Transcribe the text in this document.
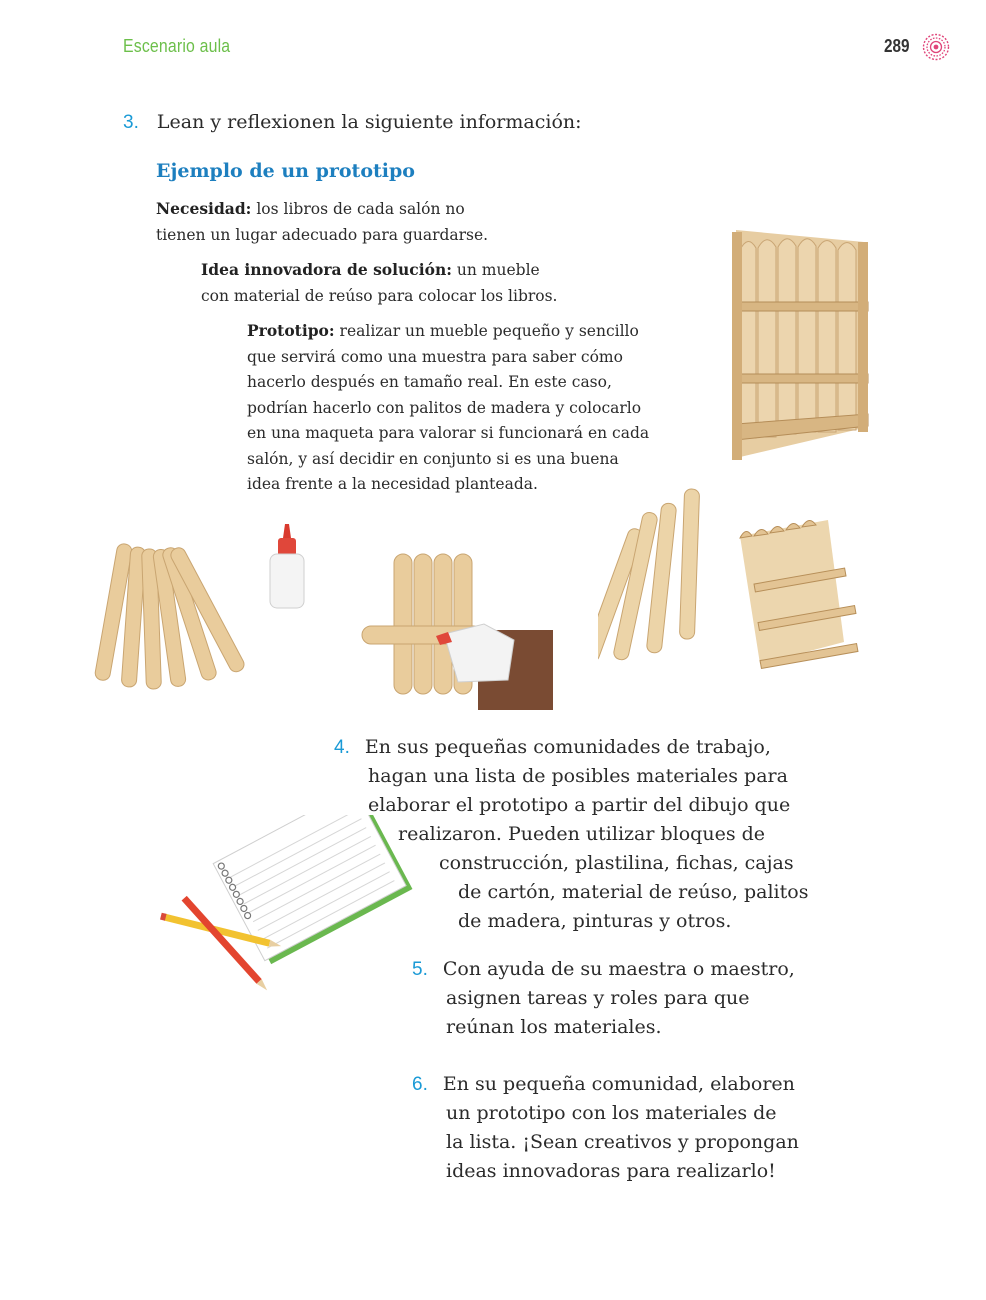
Escenario aula	289
3. Lean y reflexionen la siguiente información:
Ejemplo de un prototipo
Necesidad: los libros de cada salón no
tienen un lugar adecuado para guardarse.
Idea innovadora de solución: un mueble
con material de reúso para colocar los libros.
Prototipo: realizar un mueble pequeño y sencillo
que servirá como una muestra para saber cómo
hacerlo después en tamaño real. En este caso,
podrían hacerlo con palitos de madera y colocarlo
en una maqueta para valorar si funcionará en cada
salón, y así decidir en conjunto si es una buena
idea frente a la necesidad planteada.
4. En sus pequeñas comunidades de trabajo,
hagan una lista de posibles materiales para
elaborar el prototipo a partir del dibujo que
realizaron. Pueden utilizar bloques de
construcción, plastilina, fichas, cajas
de cartón, material de reúso, palitos
de madera, pinturas y otros.
5. Con ayuda de su maestra o maestro,
asignen tareas y roles para que
reúnan los materiales.
6. En su pequeña comunidad, elaboren
un prototipo con los materiales de
la lista. ¡Sean creativos y propongan
ideas innovadoras para realizarlo!
